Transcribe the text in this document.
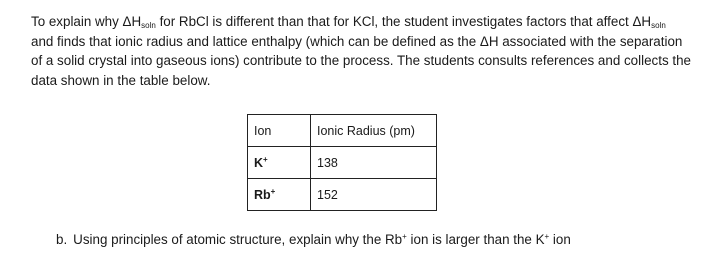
To explain why $\Delta H_{soln}$ for RbCl is different than that for KCl, the student investigates factors that affect $\Delta H_{soln}$ and finds that ionic radius and lattice enthalpy (which can be defined as the ΔH associated with the separation of a solid crystal into gaseous ions) contribute to the process. The students consults references and collects the data shown in the table below.

Ion	Ionic Radius (pm)
K+	138
Rb+	152

b. Using principles of atomic structure, explain why the Rb+ ion is larger than the K+ ion
